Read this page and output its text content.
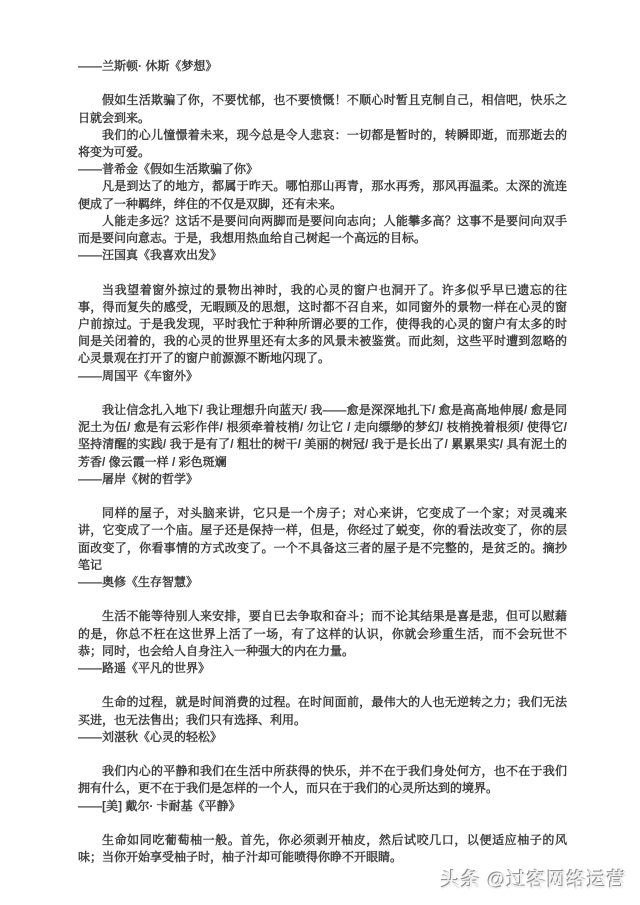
——兰斯顿· 休斯《梦想》
假如生活欺骗了你，不要忧郁，也不要愤慨！不顺心时暂且克制自己，相信吧，快乐之日就会到来。
我们的心儿憧憬着未来，现今总是令人悲哀：一切都是暂时的，转瞬即逝，而那逝去的将变为可爱。
——普希金《假如生活欺骗了你》
凡是到达了的地方，都属于昨天。哪怕那山再青，那水再秀，那风再温柔。太深的流连便成了一种羁绊，绊住的不仅是双脚，还有未来。
人能走多远？这话不是要问向两脚而是要问向志向；人能攀多高？这事不是要问向双手而是要问向意志。于是，我想用热血给自己树起一个高远的目标。
——汪国真《我喜欢出发》
当我望着窗外掠过的景物出神时，我的心灵的窗户也洞开了。许多似乎早已遗忘的往事，得而复失的感受，无暇顾及的思想，这时都不召自来，如同窗外的景物一样在心灵的窗户前掠过。于是我发现，平时我忙于种种所谓必要的工作，使得我的心灵的窗户有太多的时间是关闭着的，我的心灵的世界里还有太多的风景未被鉴赏。而此刻，这些平时遭到忽略的心灵景观在打开了的窗户前源源不断地闪现了。
——周国平《车窗外》
我让信念扎入地下/ 我让理想升向蓝天/ 我——愈是深深地扎下/ 愈是高高地伸展/ 愈是同泥土为伍/ 愈是有云彩作伴/ 根须牵着枝梢/ 勿让它 / 走向缥缈的梦幻/ 枝梢挽着根须/ 使得它/ 坚持清醒的实践/ 我于是有了/ 粗壮的树干/ 美丽的树冠/ 我于是长出了/ 累累果实/ 具有泥土的芳香/ 像云霞一样 / 彩色斑斓
——屠岸《树的哲学》
同样的屋子，对头脑来讲，它只是一个房子；对心来讲，它变成了一个家；对灵魂来讲，它变成了一个庙。屋子还是保持一样，但是，你经过了蜕变，你的看法改变了，你的层面改变了，你看事情的方式改变了。一个不具备这三者的屋子是不完整的，是贫乏的。摘抄笔记
——奥修《生存智慧》
生活不能等待别人来安排，要自已去争取和奋斗；而不论其结果是喜是悲，但可以慰藉的是，你总不枉在这世界上活了一场，有了这样的认识，你就会珍重生活，而不会玩世不恭；同时，也会给人自身注入一种强大的内在力量。
——路遥《平凡的世界》
生命的过程，就是时间消费的过程。在时间面前，最伟大的人也无逆转之力；我们无法买进，也无法售出；我们只有选择、利用。
——刘湛秋《心灵的轻松》
我们内心的平静和我们在生活中所获得的快乐，并不在于我们身处何方，也不在于我们拥有什么，更不在于我们是怎样的一个人，而只在于我们的心灵所达到的境界。
——[美] 戴尔· 卡耐基《平静》
生命如同吃葡萄柚一般。首先，你必须剥开柚皮，然后试咬几口，以便适应柚子的风味；当你开始享受柚子时，柚子汁却可能喷得你睁不开眼睛。
头条 @过客网络运营
